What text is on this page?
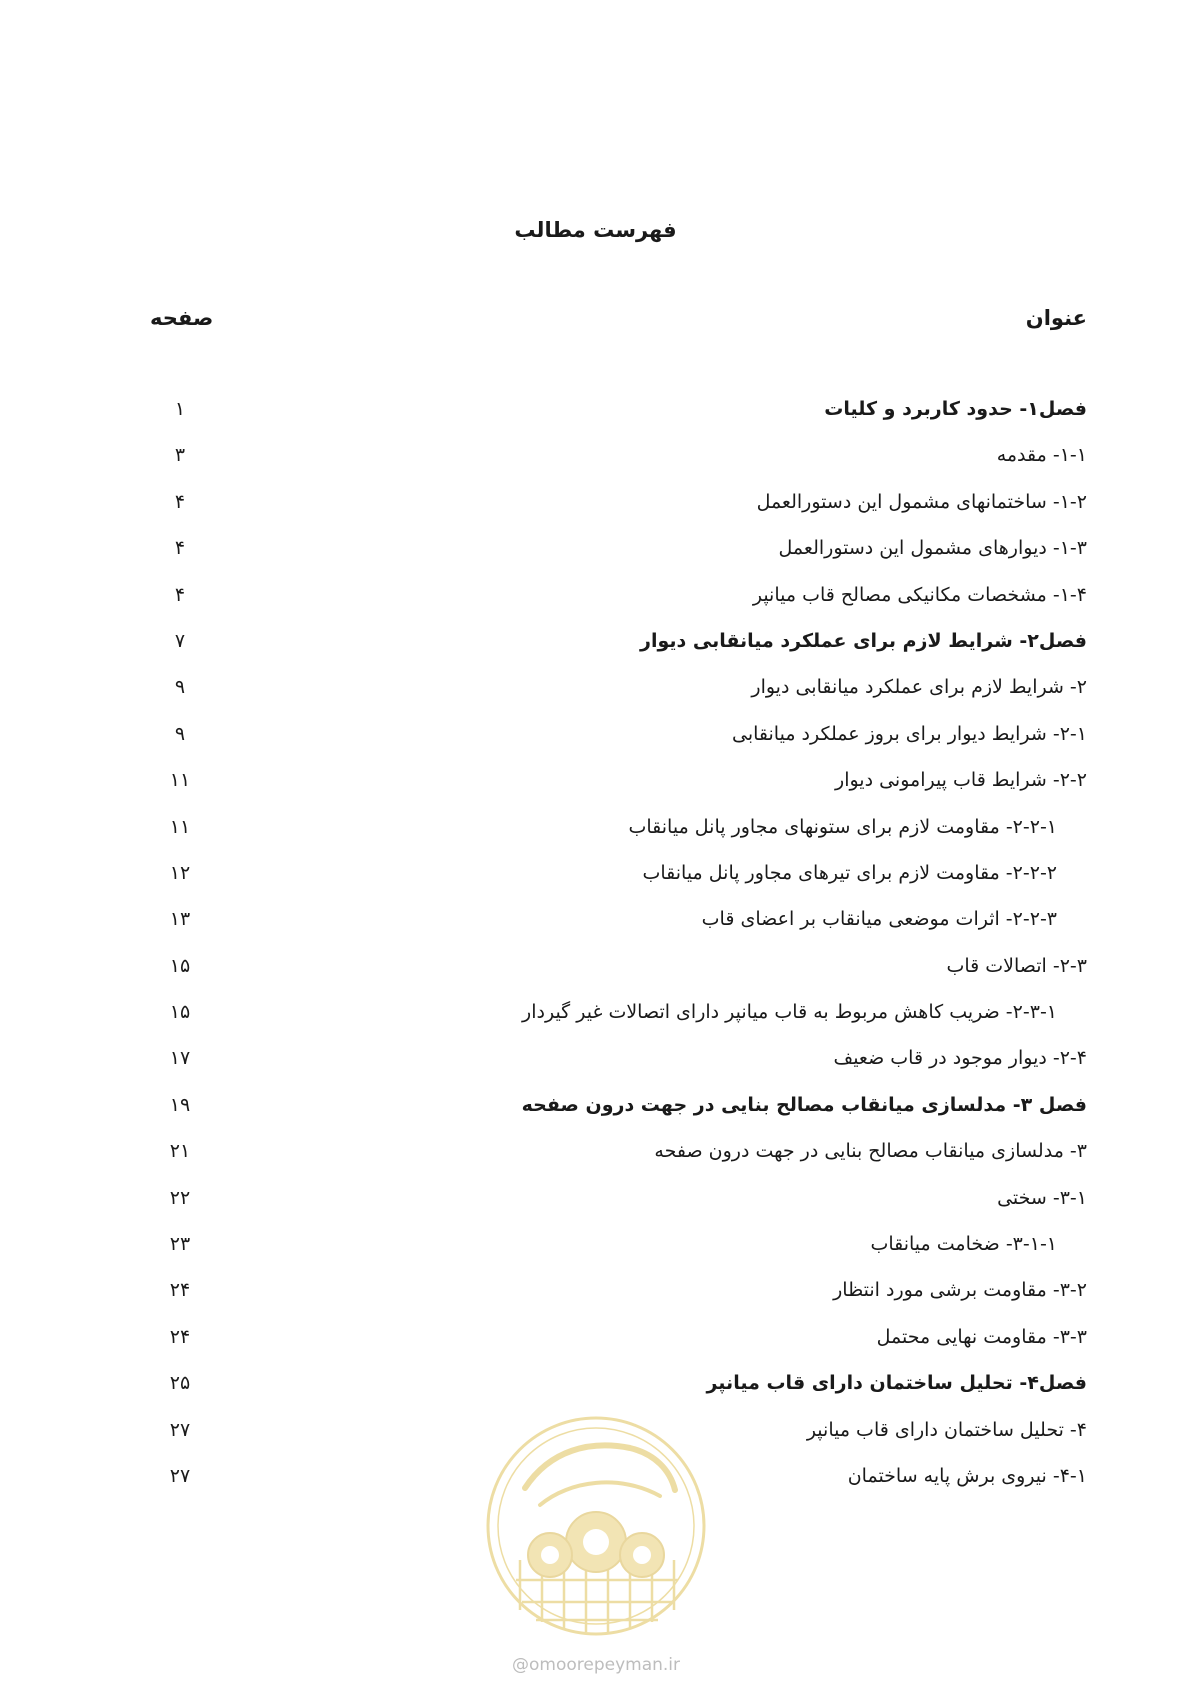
فهرست مطالب
عنوان
صفحه
فصل۱- حدود کاربرد و کلیات
۱
۱-۱- مقدمه
۳
۱-۲- ساختمانهای مشمول این دستورالعمل
۴
۱-۳- دیوارهای مشمول این دستورالعمل
۴
۱-۴- مشخصات مکانیکی مصالح قاب میانپر
۴
فصل۲- شرایط لازم برای عملکرد میانقابی دیوار
۷
۲- شرایط لازم برای عملکرد میانقابی دیوار
۹
۲-۱- شرایط دیوار برای بروز عملکرد میانقابی
۹
۲-۲- شرایط قاب پیرامونی دیوار
۱۱
۲-۲-۱- مقاومت لازم برای ستونهای مجاور پانل میانقاب
۱۱
۲-۲-۲- مقاومت لازم برای تیرهای مجاور پانل میانقاب
۱۲
۲-۲-۳- اثرات موضعی میانقاب بر اعضای قاب
۱۳
۲-۳- اتصالات قاب
۱۵
۲-۳-۱- ضریب کاهش مربوط به قاب میانپر دارای اتصالات غیر گیردار
۱۵
۲-۴- دیوار موجود در قاب ضعیف
۱۷
فصل ۳- مدلسازی میانقاب مصالح بنایی در جهت درون صفحه
۱۹
۳- مدلسازی میانقاب مصالح بنایی در جهت درون صفحه
۲۱
۳-۱- سختی
۲۲
۳-۱-۱- ضخامت میانقاب
۲۳
۳-۲- مقاومت برشی مورد انتظار
۲۴
۳-۳- مقاومت نهایی محتمل
۲۴
فصل۴- تحلیل ساختمان دارای قاب میانپر
۲۵
۴- تحلیل ساختمان دارای قاب میانپر
۲۷
۴-۱- نیروی برش پایه ساختمان
۲۷
@omoorepeyman.ir
